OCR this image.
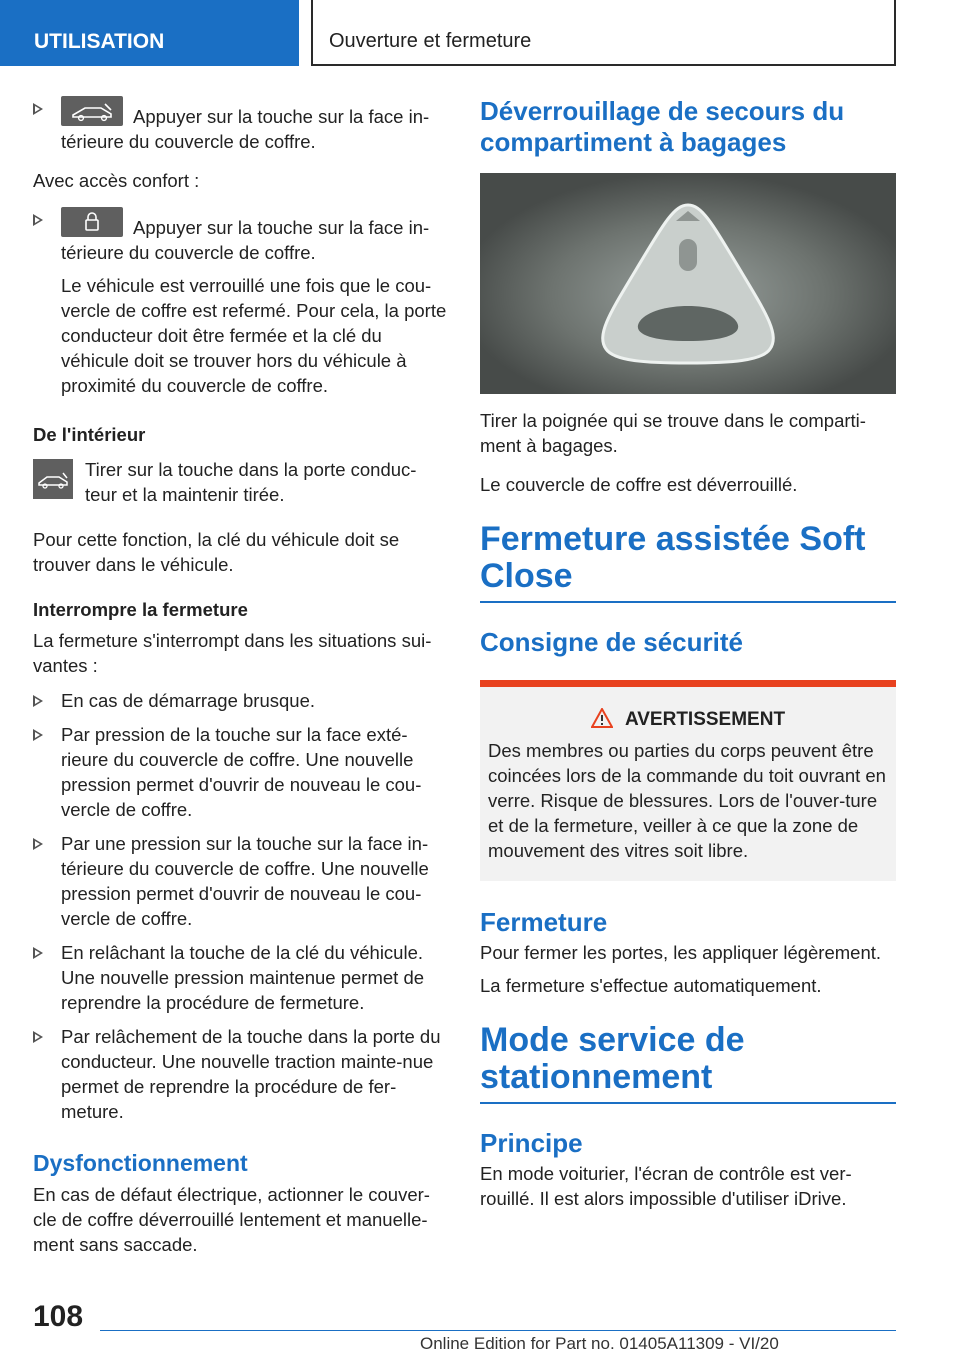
UTILISATION	Ouverture et fermeture
Appuyer sur la touche sur la face in-térieure du couvercle de coffre.
Avec accès confort :
Appuyer sur la touche sur la face in-térieure du couvercle de coffre.
Le véhicule est verrouillé une fois que le cou-vercle de coffre est refermé. Pour cela, la porte conducteur doit être fermée et la clé du véhicule doit se trouver hors du véhicule à proximité du couvercle de coffre.
De l'intérieur
Tirer sur la touche dans la porte conduc-teur et la maintenir tirée.
Pour cette fonction, la clé du véhicule doit se trouver dans le véhicule.
Interrompre la fermeture
La fermeture s'interrompt dans les situations sui-vantes :
En cas de démarrage brusque.
Par pression de la touche sur la face exté-rieure du couvercle de coffre. Une nouvelle pression permet d'ouvrir de nouveau le cou-vercle de coffre.
Par une pression sur la touche sur la face in-térieure du couvercle de coffre. Une nouvelle pression permet d'ouvrir de nouveau le cou-vercle de coffre.
En relâchant la touche de la clé du véhicule. Une nouvelle pression maintenue permet de reprendre la procédure de fermeture.
Par relâchement de la touche dans la porte du conducteur. Une nouvelle traction mainte-nue permet de reprendre la procédure de fer-meture.
Dysfonctionnement
En cas de défaut électrique, actionner le couver-cle de coffre déverrouillé lentement et manuelle-ment sans saccade.
Déverrouillage de secours du compartiment à bagages
Tirer la poignée qui se trouve dans le comparti-ment à bagages.
Le couvercle de coffre est déverrouillé.
Fermeture assistée Soft Close
Consigne de sécurité
AVERTISSEMENT
Des membres ou parties du corps peuvent être coincées lors de la commande du toit ouvrant en verre. Risque de blessures. Lors de l'ouver-ture et de la fermeture, veiller à ce que la zone de mouvement des vitres soit libre.
Fermeture
Pour fermer les portes, les appliquer légèrement.
La fermeture s'effectue automatiquement.
Mode service de stationnement
Principe
En mode voiturier, l'écran de contrôle est ver-rouillé. Il est alors impossible d'utiliser iDrive.
108
Online Edition for Part no. 01405A11309 - VI/20
